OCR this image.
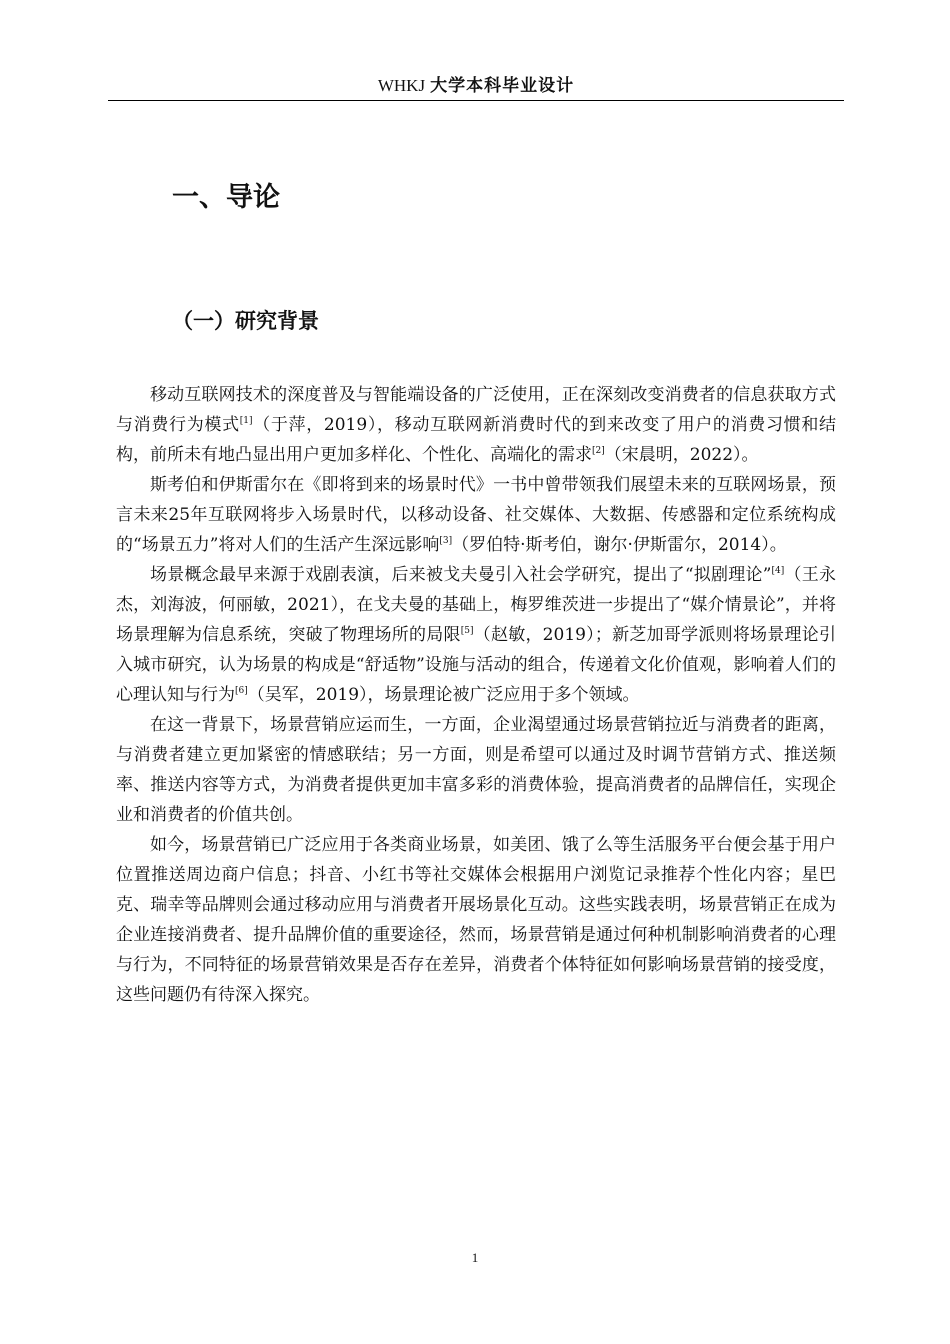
WHKJ 大学本科毕业设计
一、导论
（一）研究背景

移动互联网技术的深度普及与智能端设备的广泛使用，正在深刻改变消费者的信息获取方式与消费行为模式[1]（于萍，2019），移动互联网新消费时代的到来改变了用户的消费习惯和结构，前所未有地凸显出用户更加多样化、个性化、高端化的需求[2]（宋晨明，2022）。

斯考伯和伊斯雷尔在《即将到来的场景时代》一书中曾带领我们展望未来的互联网场景，预言未来25年互联网将步入场景时代，以移动设备、社交媒体、大数据、传感器和定位系统构成的“场景五力”将对人们的生活产生深远影响[3]（罗伯特·斯考伯，谢尔·伊斯雷尔，2014）。

场景概念最早来源于戏剧表演，后来被戈夫曼引入社会学研究，提出了“拟剧理论”[4]（王永杰，刘海波，何丽敏，2021），在戈夫曼的基础上，梅罗维茨进一步提出了“媒介情景论”，并将场景理解为信息系统，突破了物理场所的局限[5]（赵敏，2019）；新芝加哥学派则将场景理论引入城市研究，认为场景的构成是“舒适物”设施与活动的组合，传递着文化价值观，影响着人们的心理认知与行为[6]（吴军，2019），场景理论被广泛应用于多个领域。

在这一背景下，场景营销应运而生，一方面，企业渴望通过场景营销拉近与消费者的距离，与消费者建立更加紧密的情感联结；另一方面，则是希望可以通过及时调节营销方式、推送频率、推送内容等方式，为消费者提供更加丰富多彩的消费体验，提高消费者的品牌信任，实现企业和消费者的价值共创。

如今，场景营销已广泛应用于各类商业场景，如美团、饿了么等生活服务平台便会基于用户位置推送周边商户信息；抖音、小红书等社交媒体会根据用户浏览记录推荐个性化内容；星巴克、瑞幸等品牌则会通过移动应用与消费者开展场景化互动。这些实践表明，场景营销正在成为企业连接消费者、提升品牌价值的重要途径，然而，场景营销是通过何种机制影响消费者的心理与行为，不同特征的场景营销效果是否存在差异，消费者个体特征如何影响场景营销的接受度，这些问题仍有待深入探究。

1
